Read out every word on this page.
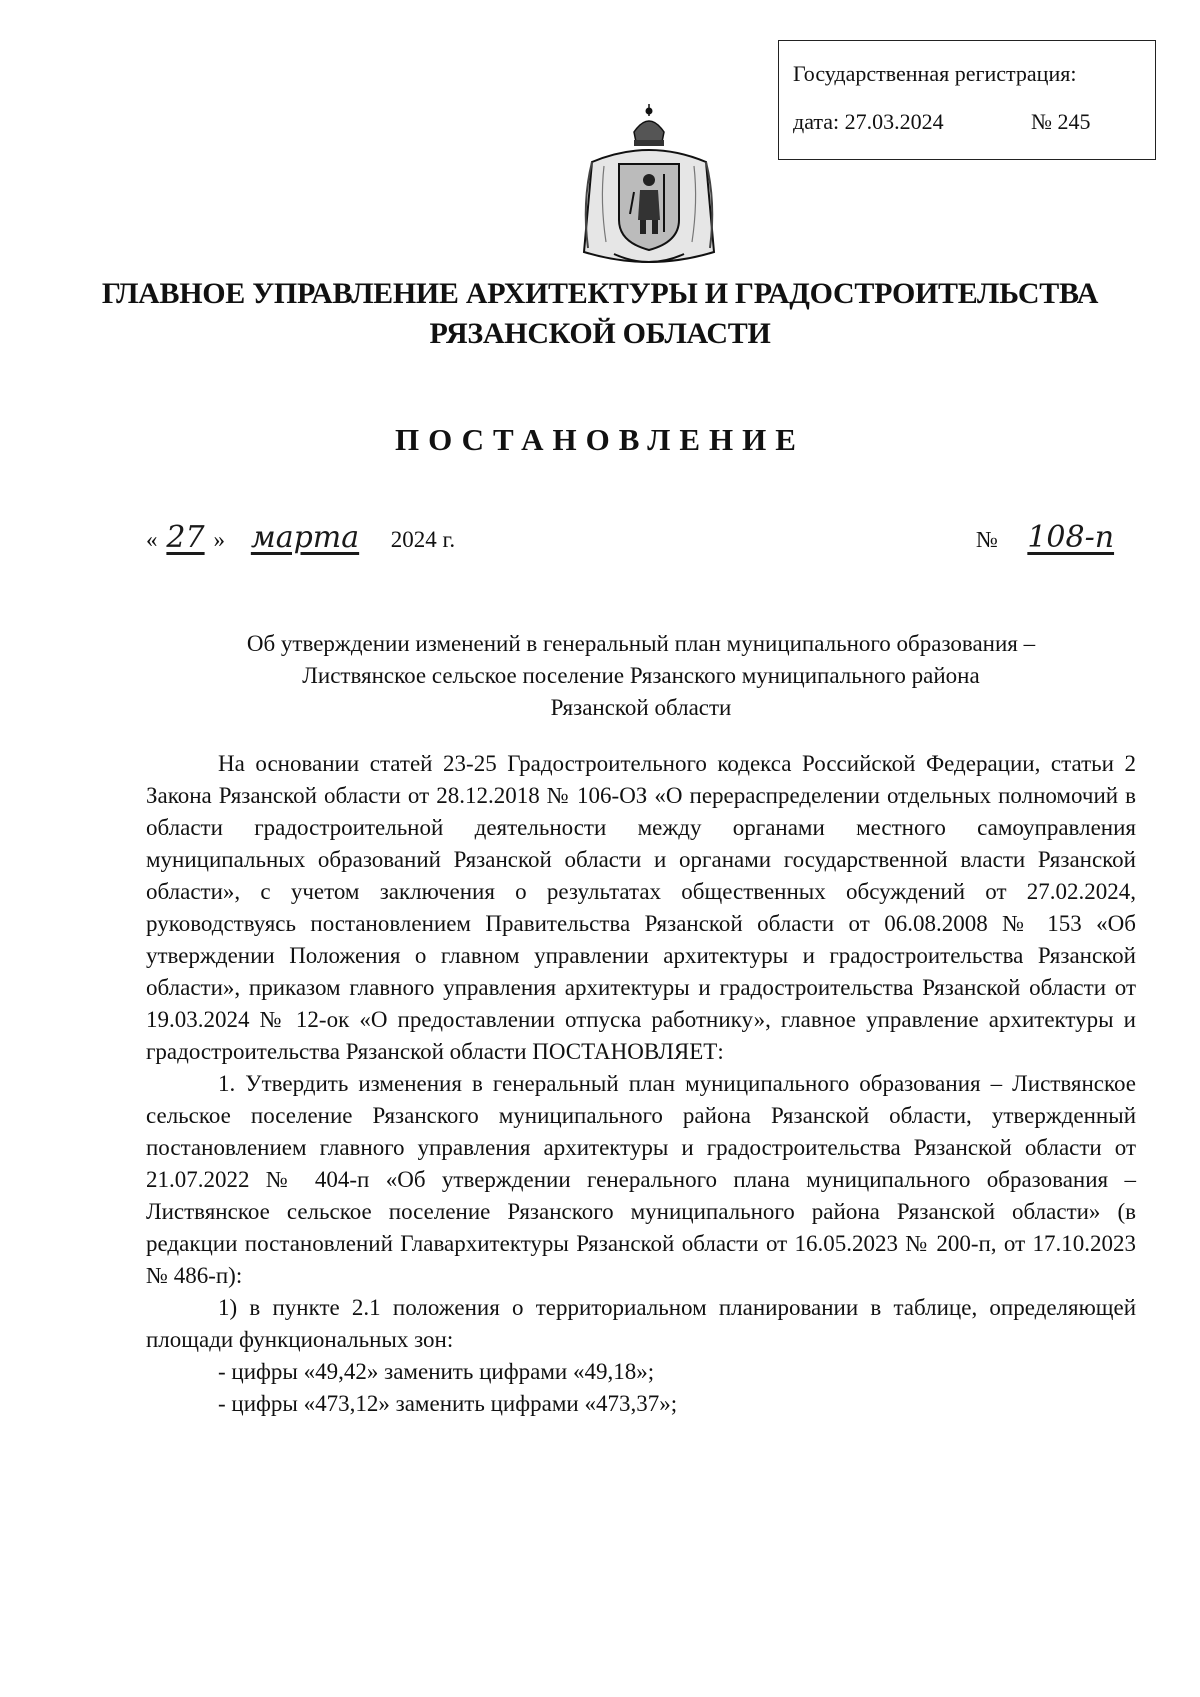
Государственная регистрация:
дата: 27.03.2024	№ 245
ГЛАВНОЕ УПРАВЛЕНИЕ АРХИТЕКТУРЫ И ГРАДОСТРОИТЕЛЬСТВА
РЯЗАНСКОЙ ОБЛАСТИ
ПОСТАНОВЛЕНИЕ
« 27 » марта 2024 г.	№ 108-п
Об утверждении изменений в генеральный план муниципального образования –
Листвянское сельское поселение Рязанского муниципального района
Рязанской области
На основании статей 23-25 Градостроительного кодекса Российской Федерации, статьи 2 Закона Рязанской области от 28.12.2018 № 106-ОЗ «О перераспределении отдельных полномочий в области градостроительной деятельности между органами местного самоуправления муниципальных образований Рязанской области и органами государственной власти Рязанской области», с учетом заключения о результатах общественных обсуждений от 27.02.2024, руководствуясь постановлением Правительства Рязанской области от 06.08.2008 № 153 «Об утверждении Положения о главном управлении архитектуры и градостроительства Рязанской области», приказом главного управления архитектуры и градостроительства Рязанской области от 19.03.2024 № 12-ок «О предоставлении отпуска работнику», главное управление архитектуры и градостроительства Рязанской области ПОСТАНОВЛЯЕТ:
1. Утвердить изменения в генеральный план муниципального образования – Листвянское сельское поселение Рязанского муниципального района Рязанской области, утвержденный постановлением главного управления архитектуры и градостроительства Рязанской области от 21.07.2022 № 404-п «Об утверждении генерального плана муниципального образования – Листвянское сельское поселение Рязанского муниципального района Рязанской области» (в редакции постановлений Главархитектуры Рязанской области от 16.05.2023 № 200-п, от 17.10.2023 № 486-п):
1) в пункте 2.1 положения о территориальном планировании в таблице, определяющей площади функциональных зон:
- цифры «49,42» заменить цифрами «49,18»;
- цифры «473,12» заменить цифрами «473,37»;
